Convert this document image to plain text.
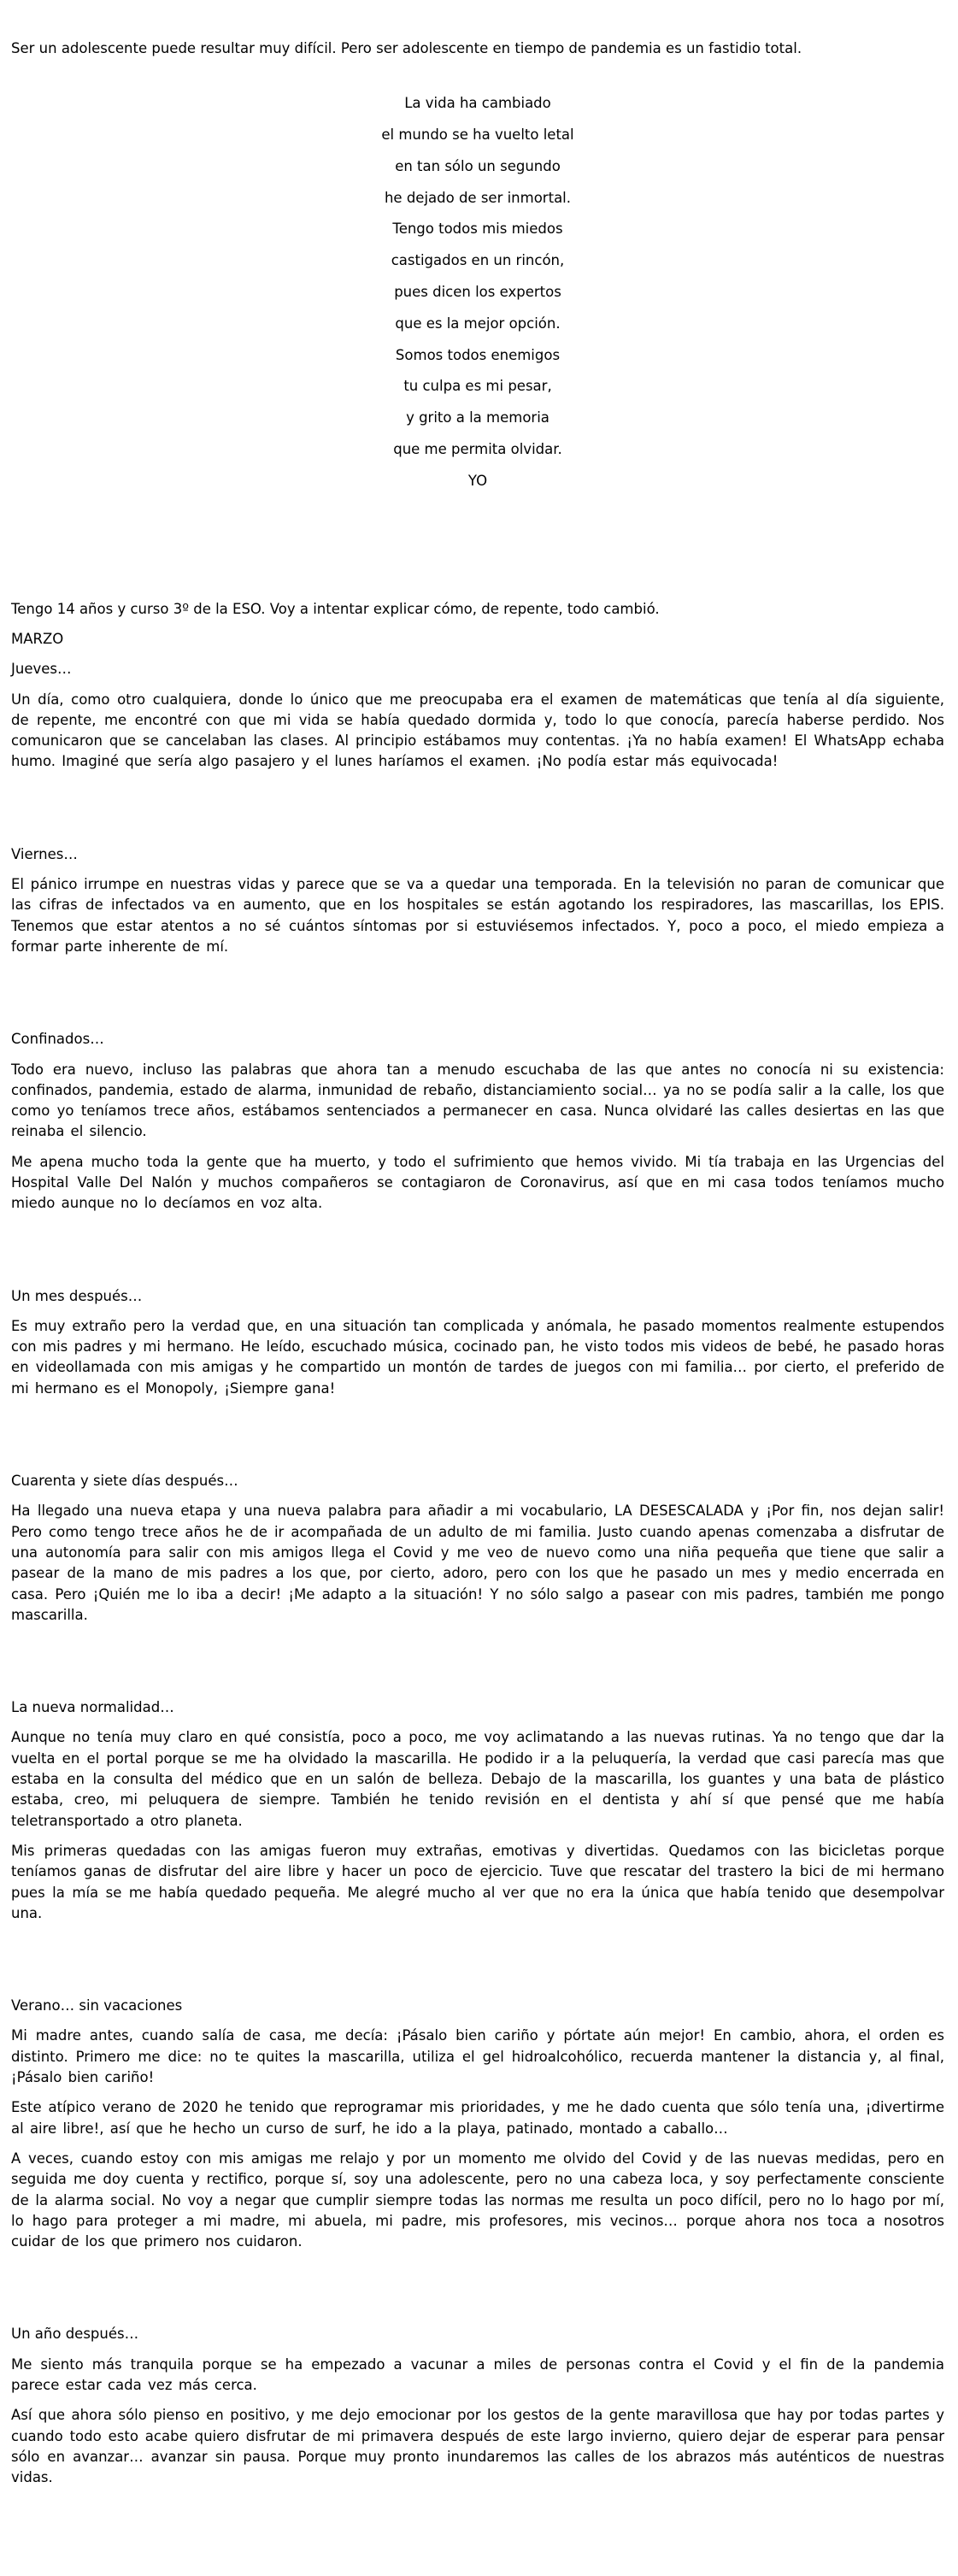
Ser un adolescente puede resultar muy difícil. Pero ser adolescente en tiempo de pandemia es un fastidio total.

La vida ha cambiado

el mundo se ha vuelto letal

en tan sólo un segundo

he dejado de ser inmortal.

Tengo todos mis miedos

castigados en un rincón,

pues dicen los expertos

que es la mejor opción.

Somos todos enemigos

tu culpa es mi pesar,

y grito a la memoria

que me permita olvidar.

YO

Tengo 14 años y curso 3º de la ESO. Voy a intentar explicar cómo, de repente, todo cambió.

MARZO

Jueves…

Un día, como otro cualquiera, donde lo único que me preocupaba era el examen de matemáticas que tenía al día siguiente, de repente, me encontré con que mi vida se había quedado dormida y, todo lo que conocía, parecía haberse perdido. Nos comunicaron que se cancelaban las clases. Al principio estábamos muy contentas. ¡Ya no había examen! El WhatsApp echaba humo. Imaginé que sería algo pasajero y el lunes haríamos el examen. ¡No podía estar más equivocada!

Viernes…

El pánico irrumpe en nuestras vidas y parece que se va a quedar una temporada. En la televisión no paran de comunicar que las cifras de infectados va en aumento, que en los hospitales se están agotando los respiradores, las mascarillas, los EPIS. Tenemos que estar atentos a no sé cuántos síntomas por si estuviésemos infectados. Y, poco a poco, el miedo empieza a formar parte inherente de mí.

Confinados…

Todo era nuevo, incluso las palabras que ahora tan a menudo escuchaba de las que antes no conocía ni su existencia: confinados, pandemia, estado de alarma, inmunidad de rebaño, distanciamiento social… ya no se podía salir a la calle, los que como yo teníamos trece años, estábamos sentenciados a permanecer en casa. Nunca olvidaré las calles desiertas en las que reinaba el silencio.

Me apena mucho toda la gente que ha muerto, y todo el sufrimiento que hemos vivido. Mi tía trabaja en las Urgencias del Hospital Valle Del Nalón y muchos compañeros se contagiaron de Coronavirus, así que en mi casa todos teníamos mucho miedo aunque no lo decíamos en voz alta.

Un mes después…

Es muy extraño pero la verdad que, en una situación tan complicada y anómala, he pasado momentos realmente estupendos con mis padres y mi hermano. He leído, escuchado música, cocinado pan, he visto todos mis videos de bebé, he pasado horas en videollamada con mis amigas y he compartido un montón de tardes de juegos con mi familia… por cierto, el preferido de mi hermano es el Monopoly, ¡Siempre gana!

Cuarenta y siete días después…

Ha llegado una nueva etapa y una nueva palabra para añadir a mi vocabulario, LA DESESCALADA y ¡Por fin, nos dejan salir! Pero como tengo trece años he de ir acompañada de un adulto de mi familia. Justo cuando apenas comenzaba a disfrutar de una autonomía para salir con mis amigos llega el Covid y me veo de nuevo como una niña pequeña que tiene que salir a pasear de la mano de mis padres a los que, por cierto, adoro, pero con los que he pasado un mes y medio encerrada en casa. Pero ¡Quién me lo iba a decir! ¡Me adapto a la situación! Y no sólo salgo a pasear con mis padres, también me pongo mascarilla.

La nueva normalidad…

Aunque no tenía muy claro en qué consistía, poco a poco, me voy aclimatando a las nuevas rutinas. Ya no tengo que dar la vuelta en el portal porque se me ha olvidado la mascarilla. He podido ir a la peluquería, la verdad que casi parecía mas que estaba en la consulta del médico que en un salón de belleza. Debajo de la mascarilla, los guantes y una bata de plástico estaba, creo, mi peluquera de siempre. También he tenido revisión en el dentista y ahí sí que pensé que me había teletransportado a otro planeta.

Mis primeras quedadas con las amigas fueron muy extrañas, emotivas y divertidas. Quedamos con las bicicletas porque teníamos ganas de disfrutar del aire libre y hacer un poco de ejercicio. Tuve que rescatar del trastero la bici de mi hermano pues la mía se me había quedado pequeña. Me alegré mucho al ver que no era la única que había tenido que desempolvar una.

Verano… sin vacaciones

Mi madre antes, cuando salía de casa, me decía: ¡Pásalo bien cariño y pórtate aún mejor! En cambio, ahora, el orden es distinto. Primero me dice: no te quites la mascarilla, utiliza el gel hidroalcohólico, recuerda mantener la distancia y, al final, ¡Pásalo bien cariño!

Este atípico verano de 2020 he tenido que reprogramar mis prioridades, y me he dado cuenta que sólo tenía una, ¡divertirme al aire libre!, así que he hecho un curso de surf, he ido a la playa, patinado, montado a caballo…

A veces, cuando estoy con mis amigas me relajo y por un momento me olvido del Covid y de las nuevas medidas, pero en seguida me doy cuenta y rectifico, porque sí, soy una adolescente, pero no una cabeza loca, y soy perfectamente consciente de la alarma social. No voy a negar que cumplir siempre todas las normas me resulta un poco difícil, pero no lo hago por mí, lo hago para proteger a mi madre, mi abuela, mi padre, mis profesores, mis vecinos… porque ahora nos toca a nosotros cuidar de los que primero nos cuidaron.

Un año después…

Me siento más tranquila porque se ha empezado a vacunar a miles de personas contra el Covid y el fin de la pandemia parece estar cada vez más cerca.

Así que ahora sólo pienso en positivo, y me dejo emocionar por los gestos de la gente maravillosa que hay por todas partes y cuando todo esto acabe quiero disfrutar de mi primavera después de este largo invierno, quiero dejar de esperar para pensar sólo en avanzar… avanzar sin pausa. Porque muy pronto inundaremos las calles de los abrazos más auténticos de nuestras vidas.
